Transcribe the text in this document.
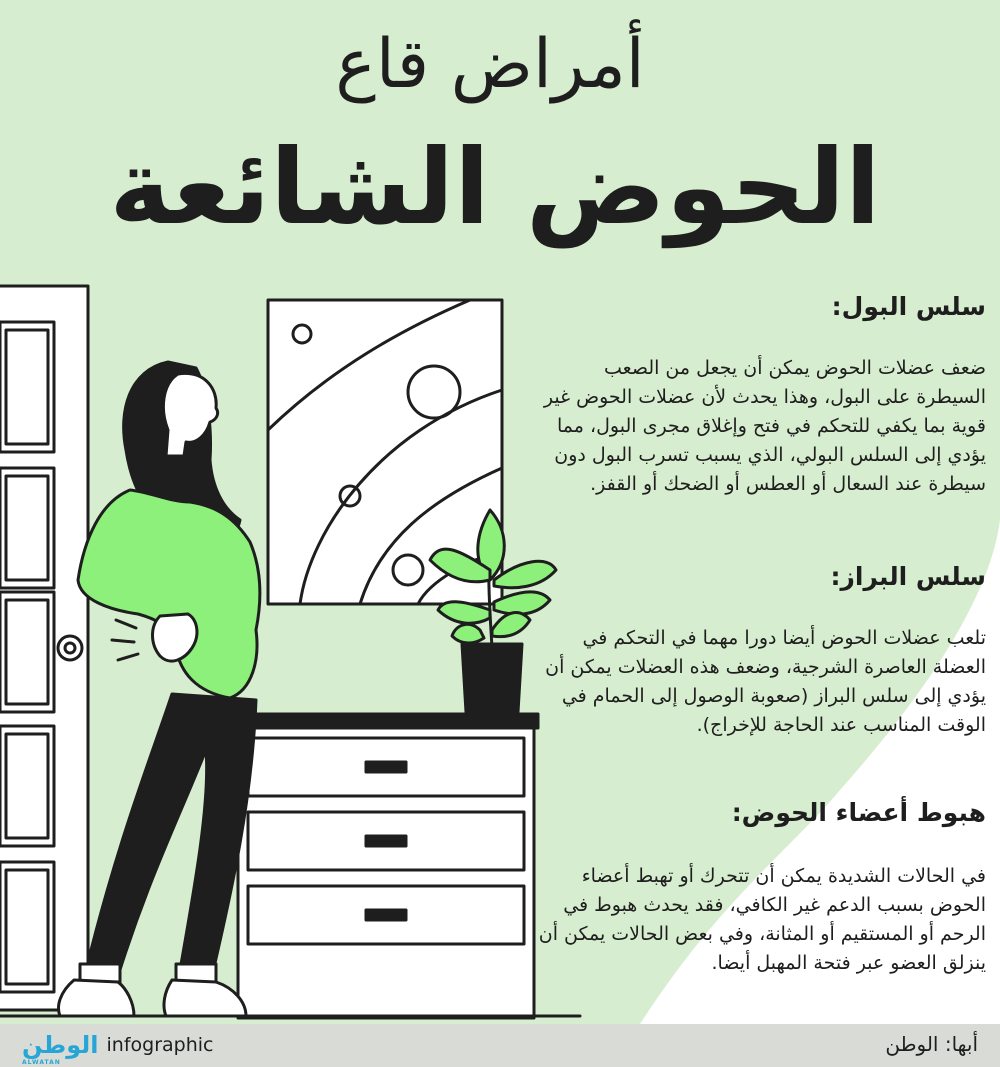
أمراض قاع
الحوض الشائعة

سلس البول:

ضعف عضلات الحوض يمكن أن يجعل من الصعب السيطرة على البول، وهذا يحدث لأن عضلات الحوض غير قوية بما يكفي للتحكم في فتح وإغلاق مجرى البول، مما يؤدي إلى السلس البولي، الذي يسبب تسرب البول دون سيطرة عند السعال أو العطس أو الضحك أو القفز.

سلس البراز:

تلعب عضلات الحوض أيضا دورا مهما في التحكم في العضلة العاصرة الشرجية، وضعف هذه العضلات يمكن أن يؤدي إلى سلس البراز (صعوبة الوصول إلى الحمام في الوقت المناسب عند الحاجة للإخراج).

هبوط أعضاء الحوض:

في الحالات الشديدة يمكن أن تتحرك أو تهبط أعضاء الحوض بسبب الدعم غير الكافي، فقد يحدث هبوط في الرحم أو المستقيم أو المثانة، وفي بعض الحالات يمكن أن ينزلق العضو عبر فتحة المهبل أيضا.

الوطن
ALWATAN
infographic	أبها: الوطن
